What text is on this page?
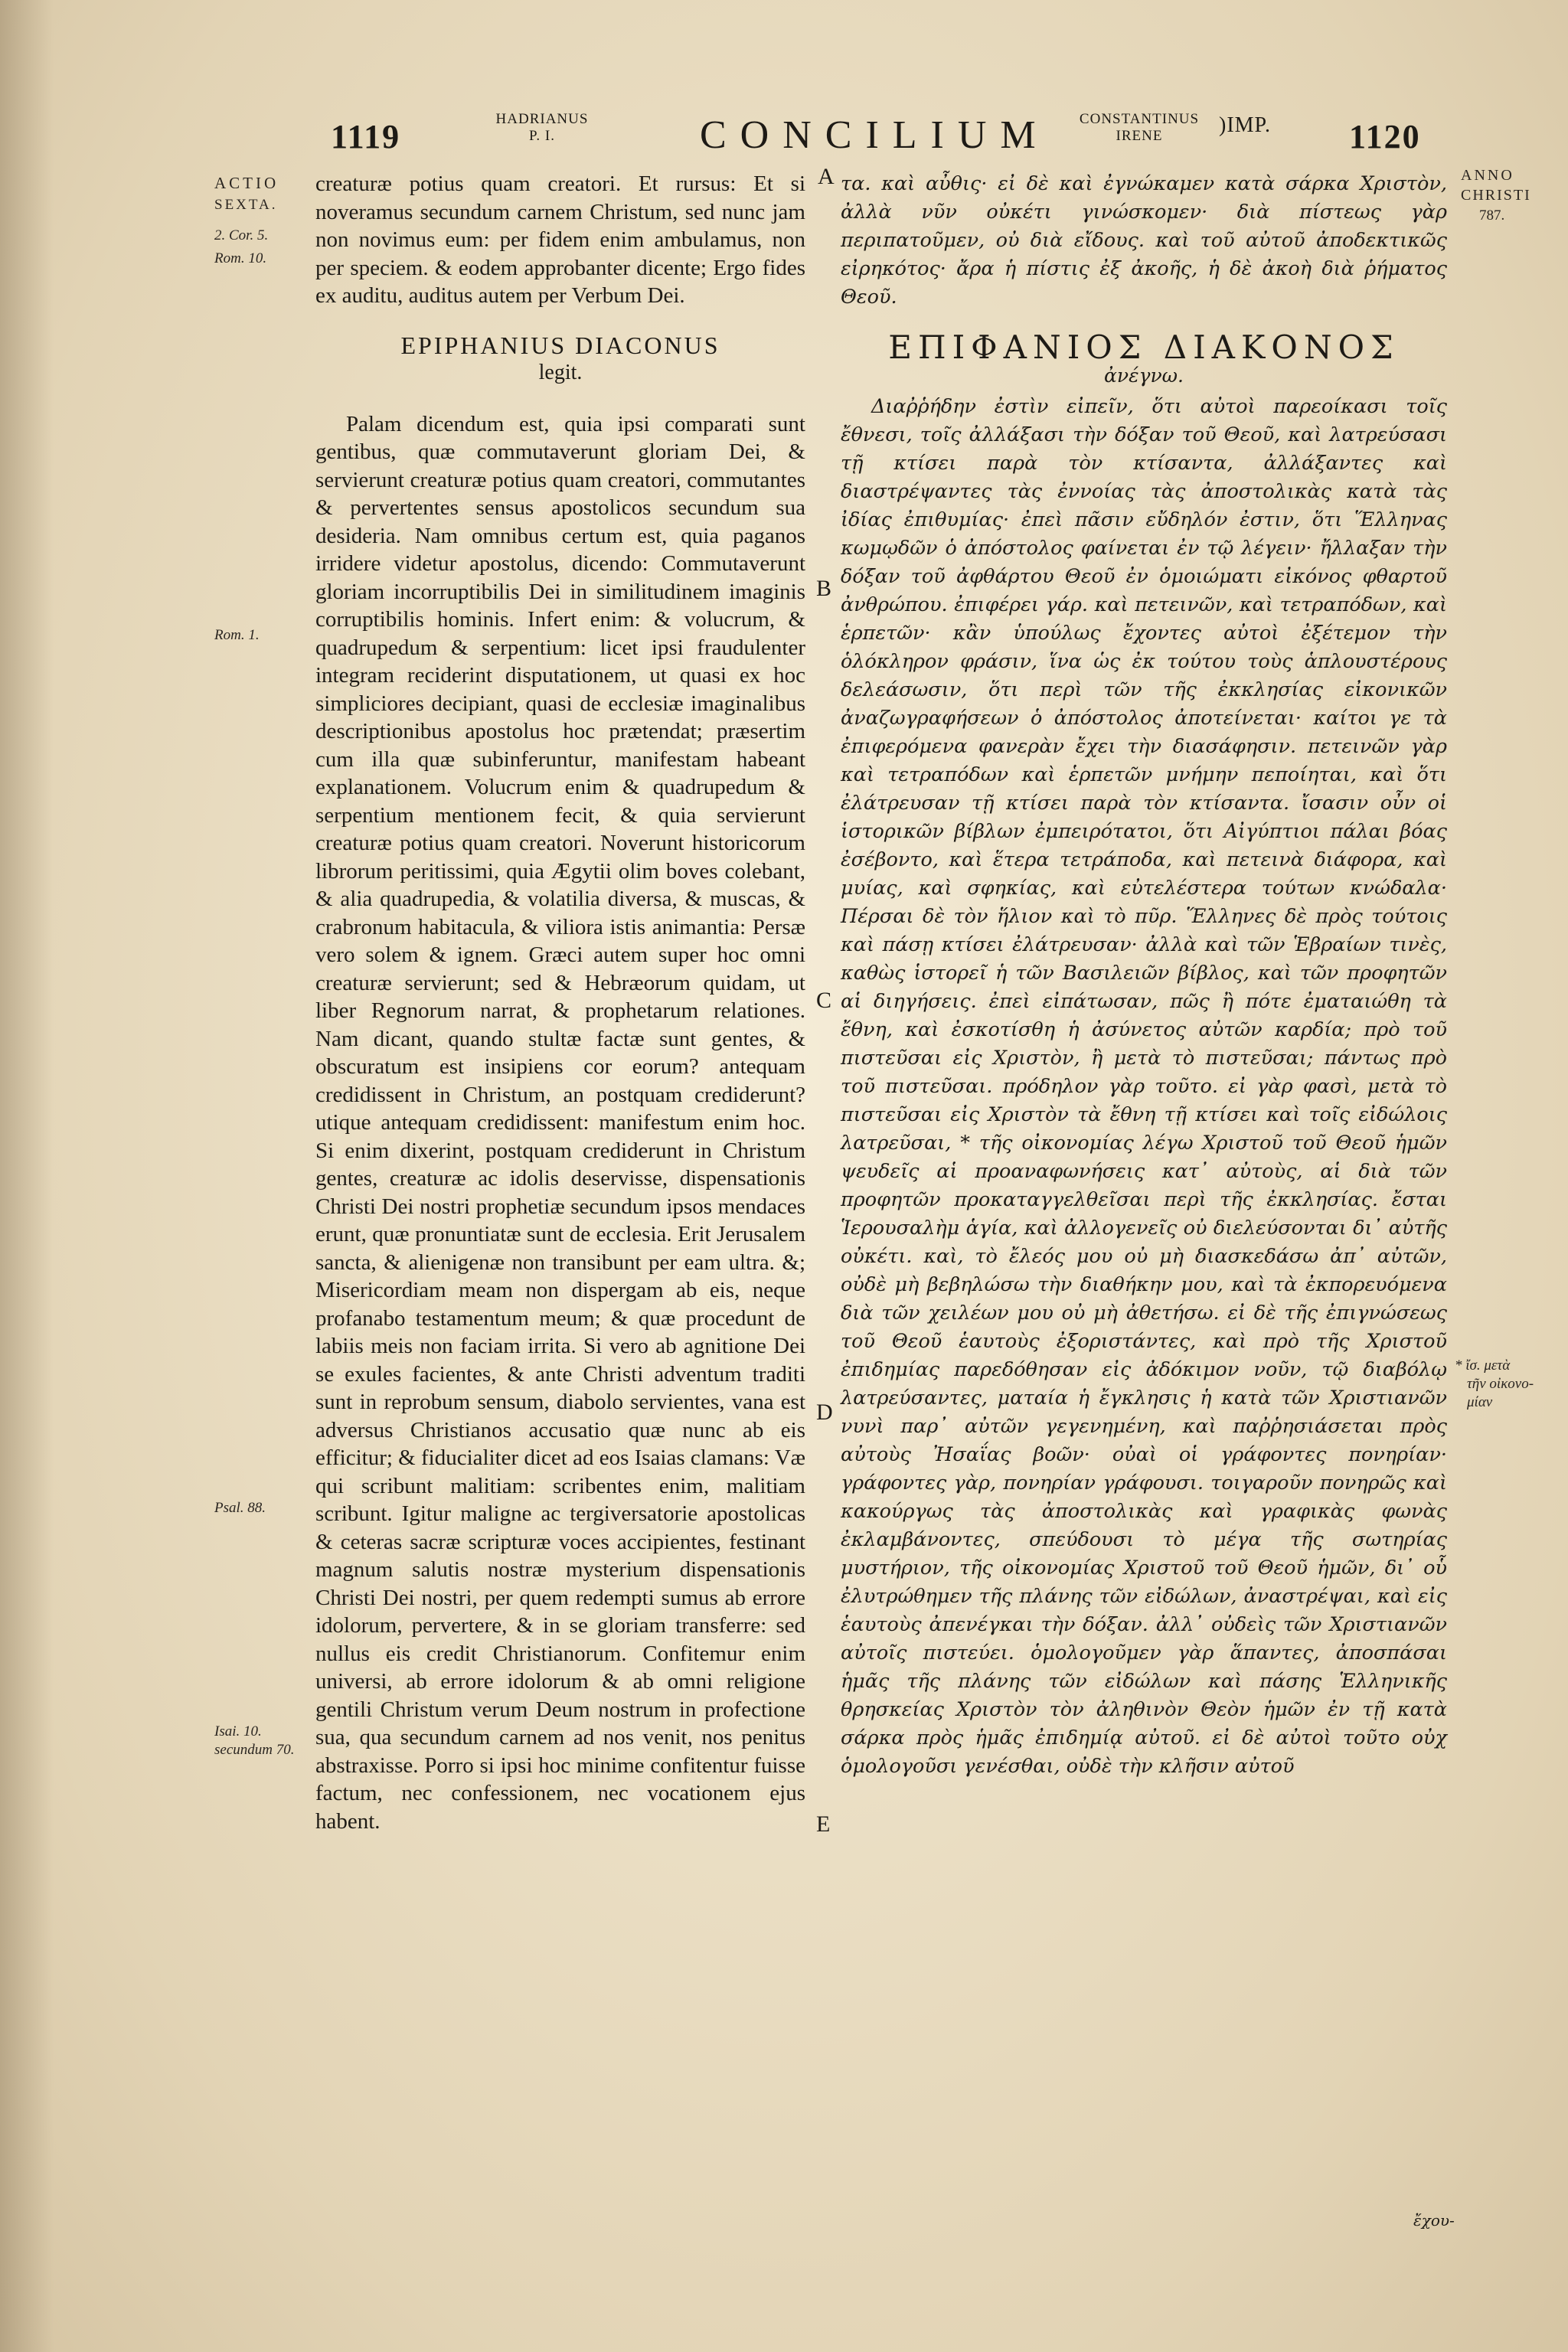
1119	HADRIANUS
P. I.	CONCILIUM	CONSTANTINUS
IRENE	)IMP. 1120
ACTIO
SEXTA.
2. Cor. 5.
Rom. 10.
Rom. 1.
Psal. 88.
Isai. 10.
secundum 70.
ANNO
CHRISTI
787.
* ἴσ. μετὰ
τῆν οἰκονο-
μίαν
A
B
C
D
E

creaturæ potius quam creatori. Et rursus: Et si noveramus secundum carnem Christum, sed nunc jam non novimus eum: per fidem enim ambulamus, non per speciem. & eodem approbanter dicente; Ergo fides ex auditu, auditus autem per Verbum Dei.

EPIPHANIUS DIACONUS
legit.

Palam dicendum est, quia ipsi comparati sunt gentibus, quæ commutaverunt gloriam Dei, & servierunt creaturæ potius quam creatori, commutantes & pervertentes sensus apostolicos secundum sua desideria. Nam omnibus certum est, quia paganos irridere videtur apostolus, dicendo: Commutaverunt gloriam incorruptibilis Dei in similitudinem imaginis corruptibilis hominis. Infert enim: & volucrum, & quadrupedum & serpentium: licet ipsi fraudulenter integram reciderint disputationem, ut quasi ex hoc simpliciores decipiant, quasi de ecclesiæ imaginalibus descriptionibus apostolus hoc prætendat; præsertim cum illa quæ subinferuntur, manifestam habeant explanationem. Volucrum enim & quadrupedum & serpentium mentionem fecit, & quia servierunt creaturæ potius quam creatori. Noverunt historicorum librorum peritissimi, quia Ægytii olim boves colebant, & alia quadrupedia, & volatilia diversa, & muscas, & crabronum habitacula, & viliora istis animantia: Persæ vero solem & ignem. Græci autem super hoc omni creaturæ servierunt; sed & Hebræorum quidam, ut liber Regnorum narrat, & prophetarum relationes. Nam dicant, quando stultæ factæ sunt gentes, & obscuratum est insipiens cor eorum? antequam credidissent in Christum, an postquam crediderunt? utique antequam credidissent: manifestum enim hoc. Si enim dixerint, postquam crediderunt in Christum gentes, creaturæ ac idolis deservisse, dispensationis Christi Dei nostri prophetiæ secundum ipsos mendaces erunt, quæ pronuntiatæ sunt de ecclesia. Erit Jerusalem sancta, & alienigenæ non transibunt per eam ultra. &; Misericordiam meam non dispergam ab eis, neque profanabo testamentum meum; & quæ procedunt de labiis meis non faciam irrita. Si vero ab agnitione Dei se exules facientes, & ante Christi adventum traditi sunt in reprobum sensum, diabolo servientes, vana est adversus Christianos accusatio quæ nunc ab eis efficitur; & fiducialiter dicet ad eos Isaias clamans: Væ qui scribunt malitiam: scribentes enim, malitiam scribunt. Igitur maligne ac tergiversatorie apostolicas & ceteras sacræ scripturæ voces accipientes, festinant magnum salutis nostræ mysterium dispensationis Christi Dei nostri, per quem redempti sumus ab errore idolorum, pervertere, & in se gloriam transferre: sed nullus eis credit Christianorum. Confitemur enim universi, ab errore idolorum & ab omni religione gentili Christum verum Deum nostrum in profectione sua, qua secundum carnem ad nos venit, nos penitus abstraxisse. Porro si ipsi hoc minime confitentur fuisse factum, nec confessionem, nec vocationem ejus habent.

τα. καὶ αὖθις· εἰ δὲ καὶ ἐγνώκαμεν κατὰ σάρκα Χριστὸν, ἀλλὰ νῦν οὐκέτι γινώσκομεν· διὰ πίστεως γὰρ περιπατοῦμεν, οὐ διὰ εἴδους. καὶ τοῦ αὐτοῦ ἀποδεκτικῶς εἰρηκότος· ἄρα ἡ πίστις ἐξ ἀκοῆς, ἡ δὲ ἀκοὴ διὰ ῥήματος Θεοῦ.

ΕΠΙΦΑΝΙΟΣ ΔΙΑΚΟΝΟΣ
ἀνέγνω.

Διαῤῥήδην ἐστὶν εἰπεῖν, ὅτι αὐτοὶ παρεοίκασι τοῖς ἔθνεσι, τοῖς ἀλλάξασι τὴν δόξαν τοῦ Θεοῦ, καὶ λατρεύσασι τῇ κτίσει παρὰ τὸν κτίσαντα, ἀλλάξαντες καὶ διαστρέψαντες τὰς ἐννοίας τὰς ἀποστολικὰς κατὰ τὰς ἰδίας ἐπιθυμίας· ἐπεὶ πᾶσιν εὔδηλόν ἐστιν, ὅτι Ἕλληνας κωμῳδῶν ὁ ἀπόστολος φαίνεται ἐν τῷ λέγειν· ἤλλαξαν τὴν δόξαν τοῦ ἀφθάρτου Θεοῦ ἐν ὁμοιώματι εἰκόνος φθαρτοῦ ἀνθρώπου. ἐπιφέρει γάρ. καὶ πετεινῶν, καὶ τετραπόδων, καὶ ἑρπετῶν· κἂν ὑπούλως ἔχοντες αὐτοὶ ἐξέτεμον τὴν ὁλόκληρον φράσιν, ἵνα ὡς ἐκ τούτου τοὺς ἁπλουστέρους δελεάσωσιν, ὅτι περὶ τῶν τῆς ἐκκλησίας εἰκονικῶν ἀναζωγραφήσεων ὁ ἀπόστολος ἀποτείνεται· καίτοι γε τὰ ἐπιφερόμενα φανερὰν ἔχει τὴν διασάφησιν. πετεινῶν γὰρ καὶ τετραπόδων καὶ ἑρπετῶν μνήμην πεποίηται, καὶ ὅτι ἐλάτρευσαν τῇ κτίσει παρὰ τὸν κτίσαντα. ἴσασιν οὖν οἱ ἱστορικῶν βίβλων ἐμπειρότατοι, ὅτι Αἰγύπτιοι πάλαι βόας ἐσέβοντο, καὶ ἕτερα τετράποδα, καὶ πετεινὰ διάφορα, καὶ μυίας, καὶ σφηκίας, καὶ εὐτελέστερα τούτων κνώδαλα· Πέρσαι δὲ τὸν ἥλιον καὶ τὸ πῦρ. Ἕλληνες δὲ πρὸς τούτοις καὶ πάσῃ κτίσει ἐλάτρευσαν· ἀλλὰ καὶ τῶν Ἑβραίων τινὲς, καθὼς ἱστορεῖ ἡ τῶν Βασιλειῶν βίβλος, καὶ τῶν προφητῶν αἱ διηγήσεις. ἐπεὶ εἰπάτωσαν, πῶς ἢ πότε ἐματαιώθη τὰ ἔθνη, καὶ ἐσκοτίσθη ἡ ἀσύνετος αὐτῶν καρδία; πρὸ τοῦ πιστεῦσαι εἰς Χριστὸν, ἢ μετὰ τὸ πιστεῦσαι; πάντως πρὸ τοῦ πιστεῦσαι. πρόδηλον γὰρ τοῦτο. εἰ γὰρ φασὶ, μετὰ τὸ πιστεῦσαι εἰς Χριστὸν τὰ ἔθνη τῇ κτίσει καὶ τοῖς εἰδώλοις λατρεῦσαι, * τῆς οἰκονομίας λέγω Χριστοῦ τοῦ Θεοῦ ἡμῶν ψευδεῖς αἱ προαναφωνήσεις κατ᾽ αὐτοὺς, αἱ διὰ τῶν προφητῶν προκαταγγελθεῖσαι περὶ τῆς ἐκκλησίας. ἔσται Ἱερουσαλὴμ ἁγία, καὶ ἀλλογενεῖς οὐ διελεύσονται δι᾽ αὐτῆς οὐκέτι. καὶ, τὸ ἔλεός μου οὐ μὴ διασκεδάσω ἀπ᾽ αὐτῶν, οὐδὲ μὴ βεβηλώσω τὴν διαθήκην μου, καὶ τὰ ἐκπορευόμενα διὰ τῶν χειλέων μου οὐ μὴ ἀθετήσω. εἰ δὲ τῆς ἐπιγνώσεως τοῦ Θεοῦ ἑαυτοὺς ἐξοριστάντες, καὶ πρὸ τῆς Χριστοῦ ἐπιδημίας παρεδόθησαν εἰς ἀδόκιμον νοῦν, τῷ διαβόλῳ λατρεύσαντες, ματαία ἡ ἔγκλησις ἡ κατὰ τῶν Χριστιανῶν νυνὶ παρ᾽ αὐτῶν γεγενημένη, καὶ παῤῥησιάσεται πρὸς αὐτοὺς Ἠσαΐας βοῶν· οὐαὶ οἱ γράφοντες πονηρίαν· γράφοντες γὰρ, πονηρίαν γράφουσι. τοιγαροῦν πονηρῶς καὶ κακούργως τὰς ἀποστολικὰς καὶ γραφικὰς φωνὰς ἐκλαμβάνοντες, σπεύδουσι τὸ μέγα τῆς σωτηρίας μυστήριον, τῆς οἰκονομίας Χριστοῦ τοῦ Θεοῦ ἡμῶν, δι᾽ οὗ ἐλυτρώθημεν τῆς πλάνης τῶν εἰδώλων, ἀναστρέψαι, καὶ εἰς ἑαυτοὺς ἀπενέγκαι τὴν δόξαν. ἀλλ᾽ οὐδεὶς τῶν Χριστιανῶν αὐτοῖς πιστεύει. ὁμολογοῦμεν γὰρ ἅπαντες, ἀποσπάσαι ἡμᾶς τῆς πλάνης τῶν εἰδώλων καὶ πάσης Ἑλληνικῆς θρησκείας Χριστὸν τὸν ἀληθινὸν Θεὸν ἡμῶν ἐν τῇ κατὰ σάρκα πρὸς ἡμᾶς ἐπιδημίᾳ αὐτοῦ. εἰ δὲ αὐτοὶ τοῦτο οὐχ ὁμολογοῦσι γενέσθαι, οὐδὲ τὴν κλῆσιν αὐτοῦ

ἔχου-
